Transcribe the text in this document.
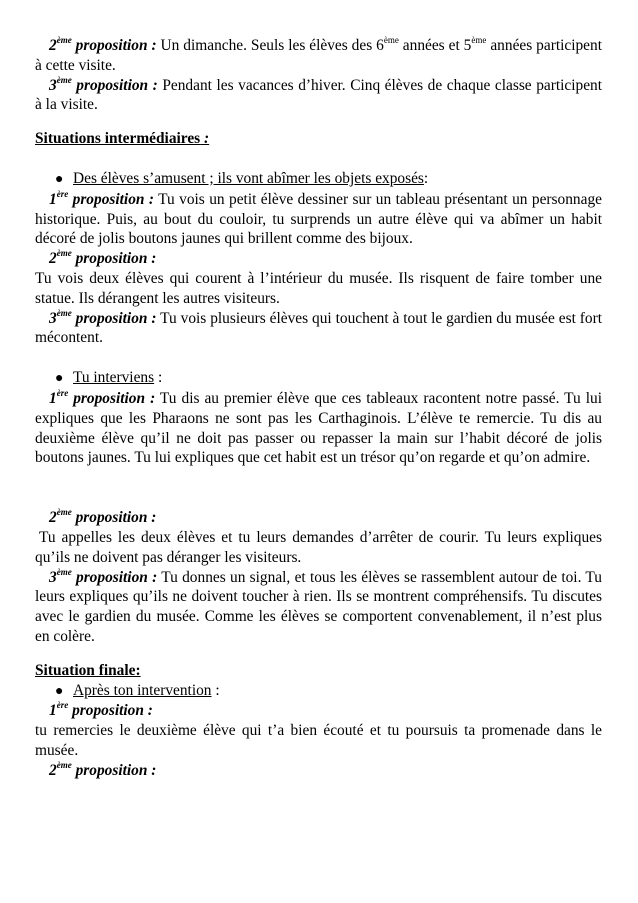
2ème proposition : Un dimanche. Seuls les élèves des 6ème années et 5ème années participent à cette visite.

3ème proposition : Pendant les vacances d’hiver. Cinq élèves de chaque classe participent à la visite.

Situations intermédiaires :

● Des élèves s’amusent ; ils vont abîmer les objets exposés:

1ère proposition : Tu vois un petit élève dessiner sur un tableau présentant un personnage historique. Puis, au bout du couloir, tu surprends un autre élève qui va abîmer un habit décoré de jolis boutons jaunes qui brillent comme des bijoux.

2ème proposition :

Tu vois deux élèves qui courent à l’intérieur du musée. Ils risquent de faire tomber une statue. Ils dérangent les autres visiteurs.

3ème proposition : Tu vois plusieurs élèves qui touchent à tout le gardien du musée est fort mécontent.

● Tu interviens :

1ère proposition : Tu dis au premier élève que ces tableaux racontent notre passé. Tu lui expliques que les Pharaons ne sont pas les Carthaginois. L’élève te remercie. Tu dis au deuxième élève qu’il ne doit pas passer ou repasser la main sur l’habit décoré de jolis boutons jaunes. Tu lui expliques que cet habit est un trésor qu’on regarde et qu’on admire.

2ème proposition :

Tu appelles les deux élèves et tu leurs demandes d’arrêter de courir. Tu leurs expliques qu’ils ne doivent pas déranger les visiteurs.

3ème proposition : Tu donnes un signal, et tous les élèves se rassemblent autour de toi. Tu leurs expliques qu’ils ne doivent toucher à rien. Ils se montrent compréhensifs. Tu discutes avec le gardien du musée. Comme les élèves se comportent convenablement, il n’est plus en colère.

Situation finale:

● Après ton intervention :

1ère proposition :

tu remercies le deuxième élève qui t’a bien écouté et tu poursuis ta promenade dans le musée.

2ème proposition :
